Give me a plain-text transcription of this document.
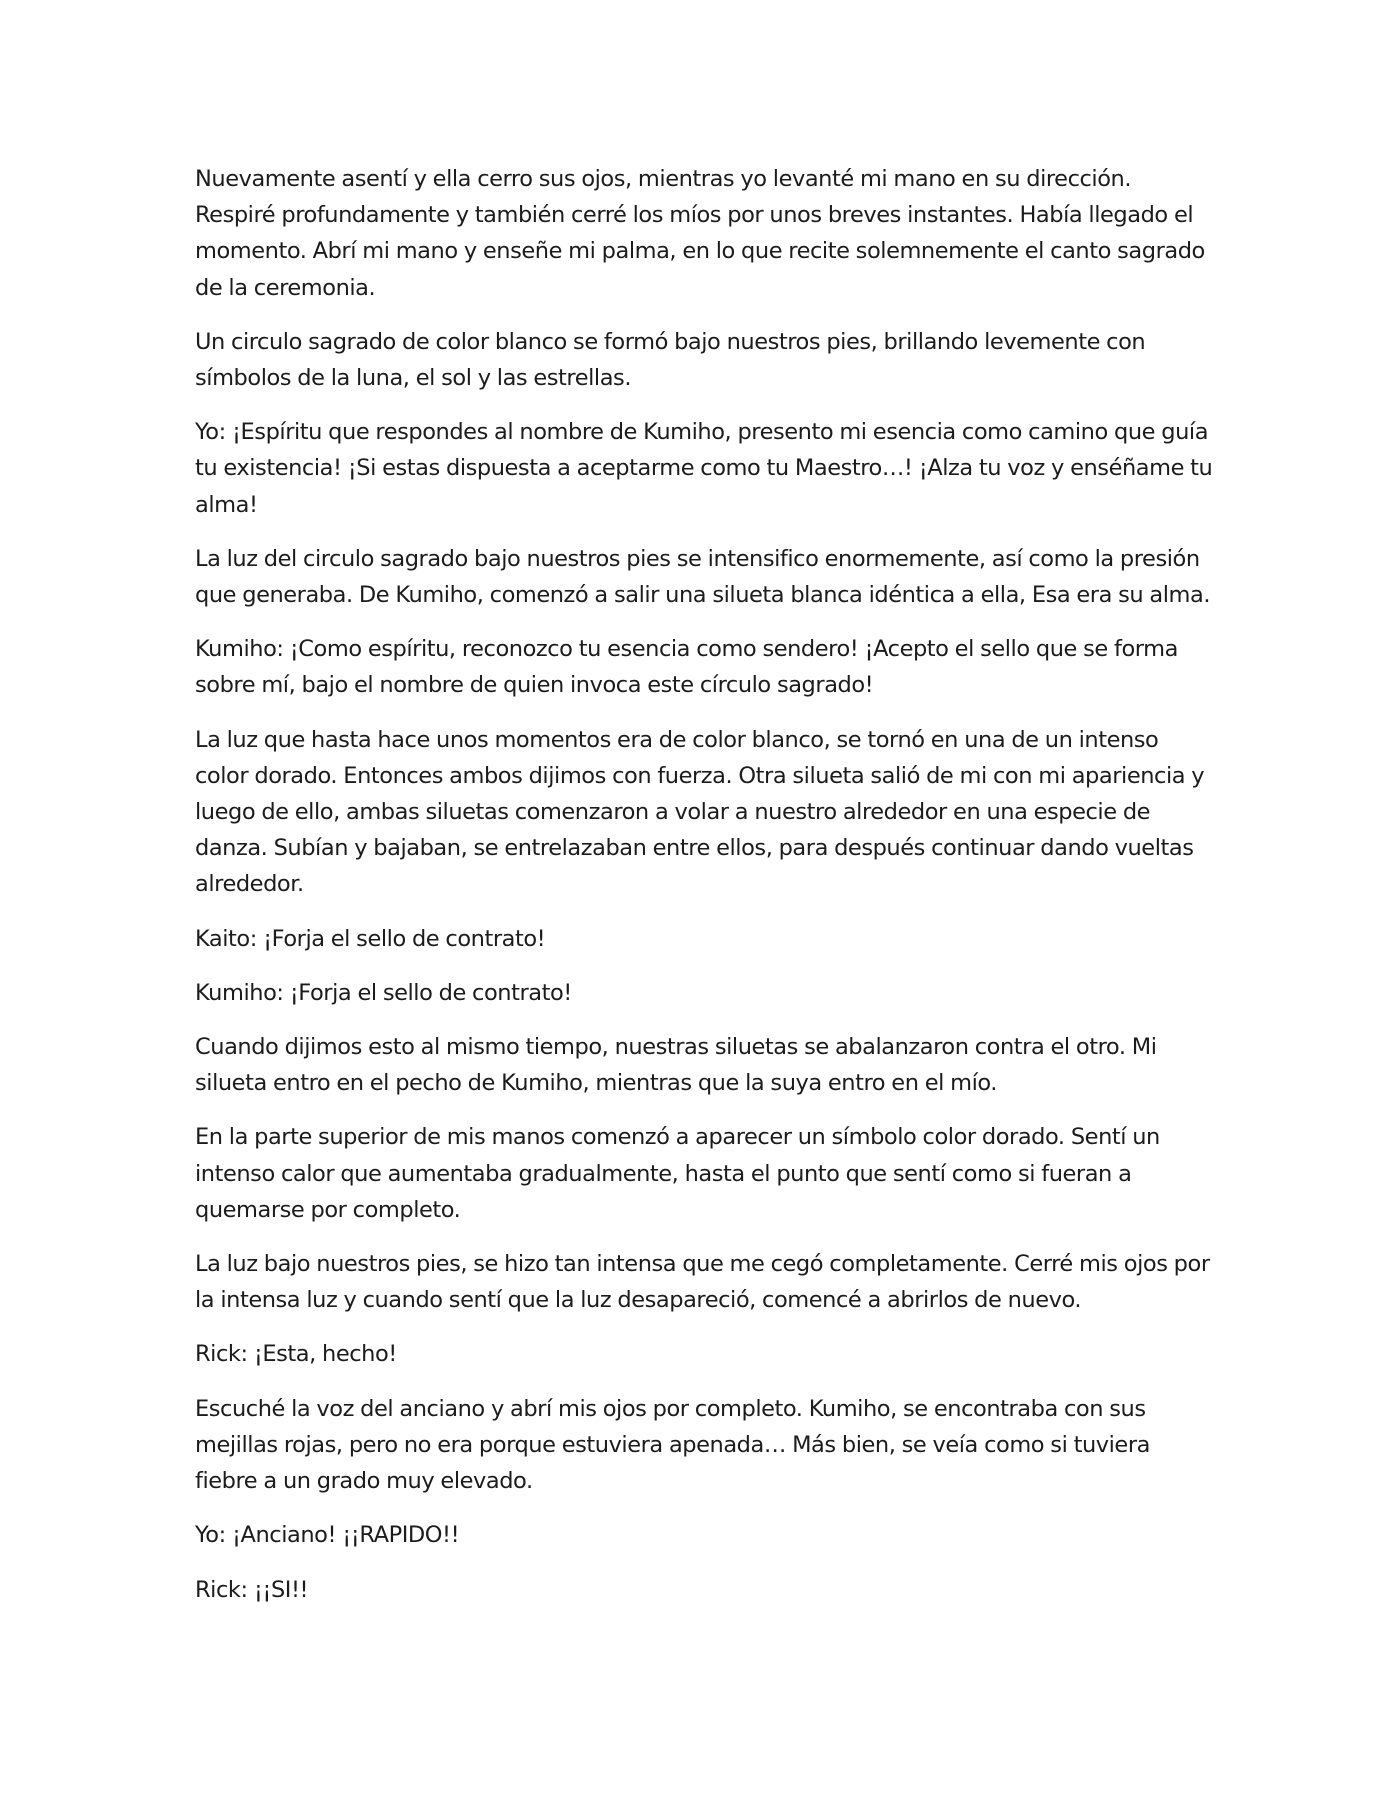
Nuevamente asentí y ella cerro sus ojos, mientras yo levanté mi mano en su dirección. Respiré profundamente y también cerré los míos por unos breves instantes. Había llegado el momento. Abrí mi mano y enseñe mi palma, en lo que recite solemnemente el canto sagrado de la ceremonia.

Un circulo sagrado de color blanco se formó bajo nuestros pies, brillando levemente con símbolos de la luna, el sol y las estrellas.

Yo: ¡Espíritu que respondes al nombre de Kumiho, presento mi esencia como camino que guía tu existencia! ¡Si estas dispuesta a aceptarme como tu Maestro…! ¡Alza tu voz y enséñame tu alma!

La luz del circulo sagrado bajo nuestros pies se intensifico enormemente, así como la presión que generaba. De Kumiho, comenzó a salir una silueta blanca idéntica a ella, Esa era su alma.

Kumiho: ¡Como espíritu, reconozco tu esencia como sendero! ¡Acepto el sello que se forma sobre mí, bajo el nombre de quien invoca este círculo sagrado!

La luz que hasta hace unos momentos era de color blanco, se tornó en una de un intenso color dorado. Entonces ambos dijimos con fuerza. Otra silueta salió de mi con mi apariencia y luego de ello, ambas siluetas comenzaron a volar a nuestro alrededor en una especie de danza. Subían y bajaban, se entrelazaban entre ellos, para después continuar dando vueltas alrededor.

Kaito: ¡Forja el sello de contrato!

Kumiho: ¡Forja el sello de contrato!

Cuando dijimos esto al mismo tiempo, nuestras siluetas se abalanzaron contra el otro. Mi silueta entro en el pecho de Kumiho, mientras que la suya entro en el mío.

En la parte superior de mis manos comenzó a aparecer un símbolo color dorado. Sentí un intenso calor que aumentaba gradualmente, hasta el punto que sentí como si fueran a quemarse por completo.

La luz bajo nuestros pies, se hizo tan intensa que me cegó completamente. Cerré mis ojos por la intensa luz y cuando sentí que la luz desapareció, comencé a abrirlos de nuevo.

Rick: ¡Esta, hecho!

Escuché la voz del anciano y abrí mis ojos por completo. Kumiho, se encontraba con sus mejillas rojas, pero no era porque estuviera apenada… Más bien, se veía como si tuviera fiebre a un grado muy elevado.

Yo: ¡Anciano! ¡¡RAPIDO!!

Rick: ¡¡SI!!
